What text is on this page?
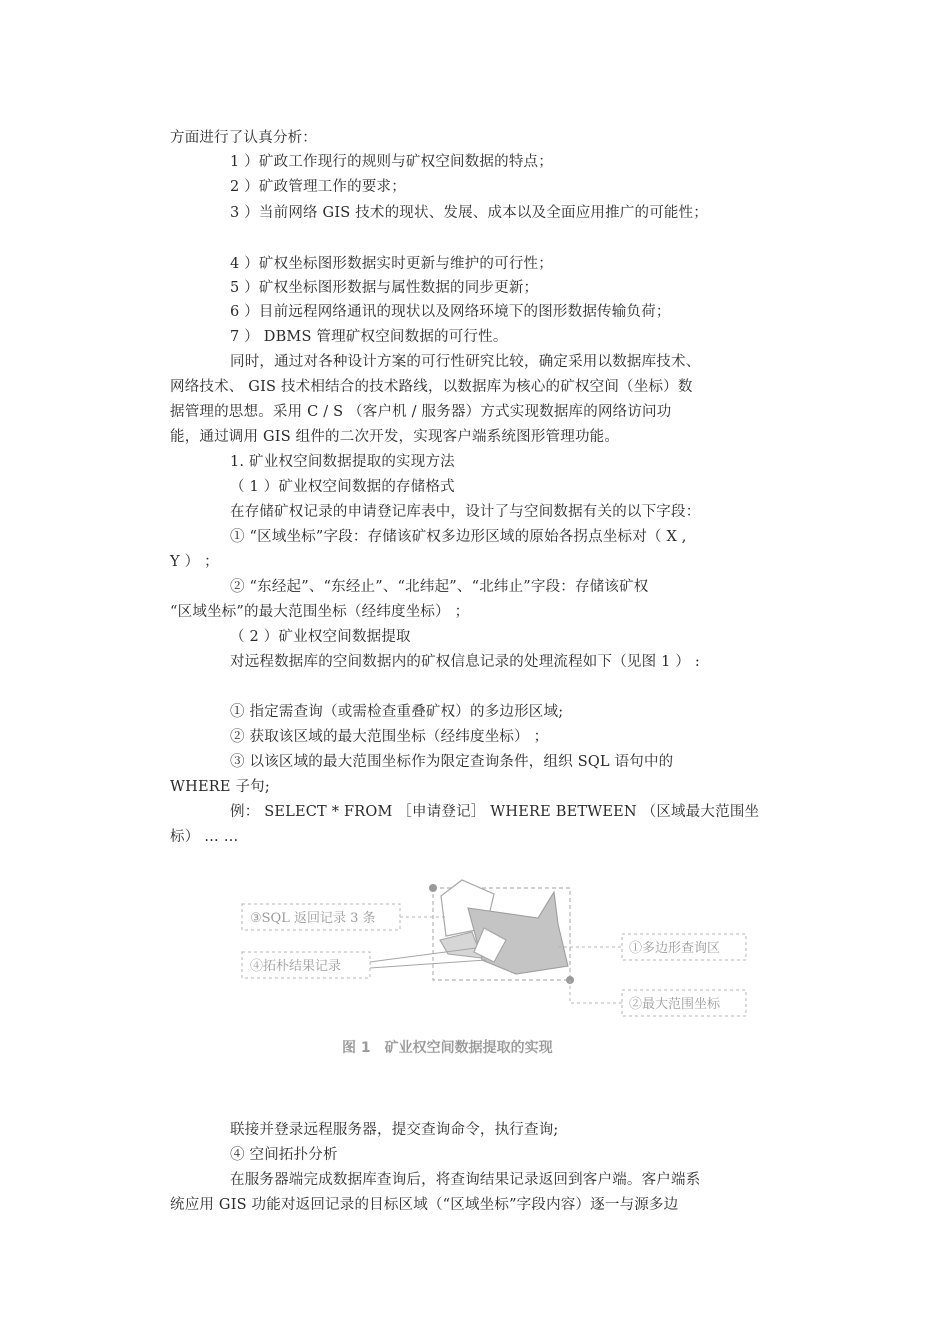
方面进行了认真分析：
1 ）矿政工作现行的规则与矿权空间数据的特点；
2 ）矿政管理工作的要求；
3 ）当前网络 GIS 技术的现状、发展、成本以及全面应用推广的可能性；
4 ）矿权坐标图形数据实时更新与维护的可行性；
5 ）矿权坐标图形数据与属性数据的同步更新；
6 ）目前远程网络通讯的现状以及网络环境下的图形数据传输负荷；
7 ） DBMS 管理矿权空间数据的可行性。
同时，通过对各种设计方案的可行性研究比较，确定采用以数据库技术、
网络技术、 GIS 技术相结合的技术路线，以数据库为核心的矿权空间（坐标）数
据管理的思想。采用 C / S （客户机 / 服务器）方式实现数据库的网络访问功
能，通过调用 GIS 组件的二次开发，实现客户端系统图形管理功能。
1. 矿业权空间数据提取的实现方法
（ 1 ）矿业权空间数据的存储格式
在存储矿权记录的申请登记库表中，设计了与空间数据有关的以下字段：
① “区域坐标”字段：存储该矿权多边形区域的原始各拐点坐标对（ X ,
Y ） ；
② “东经起”、“东经止”、“北纬起”、“北纬止”字段：存储该矿权
“区域坐标”的最大范围坐标（经纬度坐标） ；
（ 2 ）矿业权空间数据提取
对远程数据库的空间数据内的矿权信息记录的处理流程如下（见图 1 ） :
① 指定需查询（或需检查重叠矿权）的多边形区域;
② 获取该区域的最大范围坐标（经纬度坐标） ；
③ 以该区域的最大范围坐标作为限定查询条件，组织 SQL 语句中的
WHERE 子句;
例： SELECT * FROM ［申请登记］ WHERE BETWEEN （区域最大范围坐
标） … …
③SQL 返回记录 3 条
④拓朴结果记录
①多边形查询区
②最大范围坐标
图 1　矿业权空间数据提取的实现
联接并登录远程服务器，提交查询命令，执行查询;
④ 空间拓扑分析
在服务器端完成数据库查询后，将查询结果记录返回到客户端。客户端系
统应用 GIS 功能对返回记录的目标区域（“区域坐标”字段内容）逐一与源多边
